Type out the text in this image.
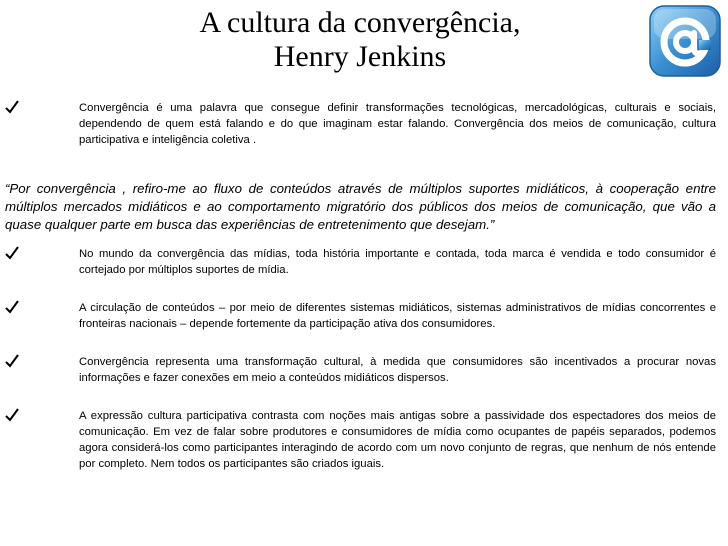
A cultura da convergência,
Henry Jenkins
Convergência é uma palavra que consegue definir transformações tecnológicas, mercadológicas, culturais e sociais, dependendo de quem está falando e do que imaginam estar falando. Convergência dos meios de comunicação, cultura participativa e inteligência coletiva .
“Por convergência , refiro-me ao fluxo de conteúdos através de múltiplos suportes midiáticos, à cooperação entre múltiplos mercados midiáticos e ao comportamento migratório dos públicos dos meios de comunicação, que vão a quase qualquer parte em busca das experiências de entretenimento que desejam.”
No mundo da convergência das mídias, toda história importante e contada, toda marca é vendida e todo consumidor é cortejado por múltiplos suportes de mídia.
A circulação de conteúdos – por meio de diferentes sistemas midiáticos, sistemas administrativos de mídias concorrentes e fronteiras nacionais – depende fortemente da participação ativa dos consumidores.
Convergência representa uma transformação cultural, à medida que consumidores são incentivados a procurar novas informações e fazer conexões em meio a conteúdos midiáticos dispersos.
A expressão cultura participativa contrasta com noções mais antigas sobre a passividade dos espectadores dos meios de comunicação. Em vez de falar sobre produtores e consumidores de mídia como ocupantes de papéis separados, podemos agora considerá-los como participantes interagindo de acordo com um novo conjunto de regras, que nenhum de nós entende por completo. Nem todos os participantes são criados iguais.
